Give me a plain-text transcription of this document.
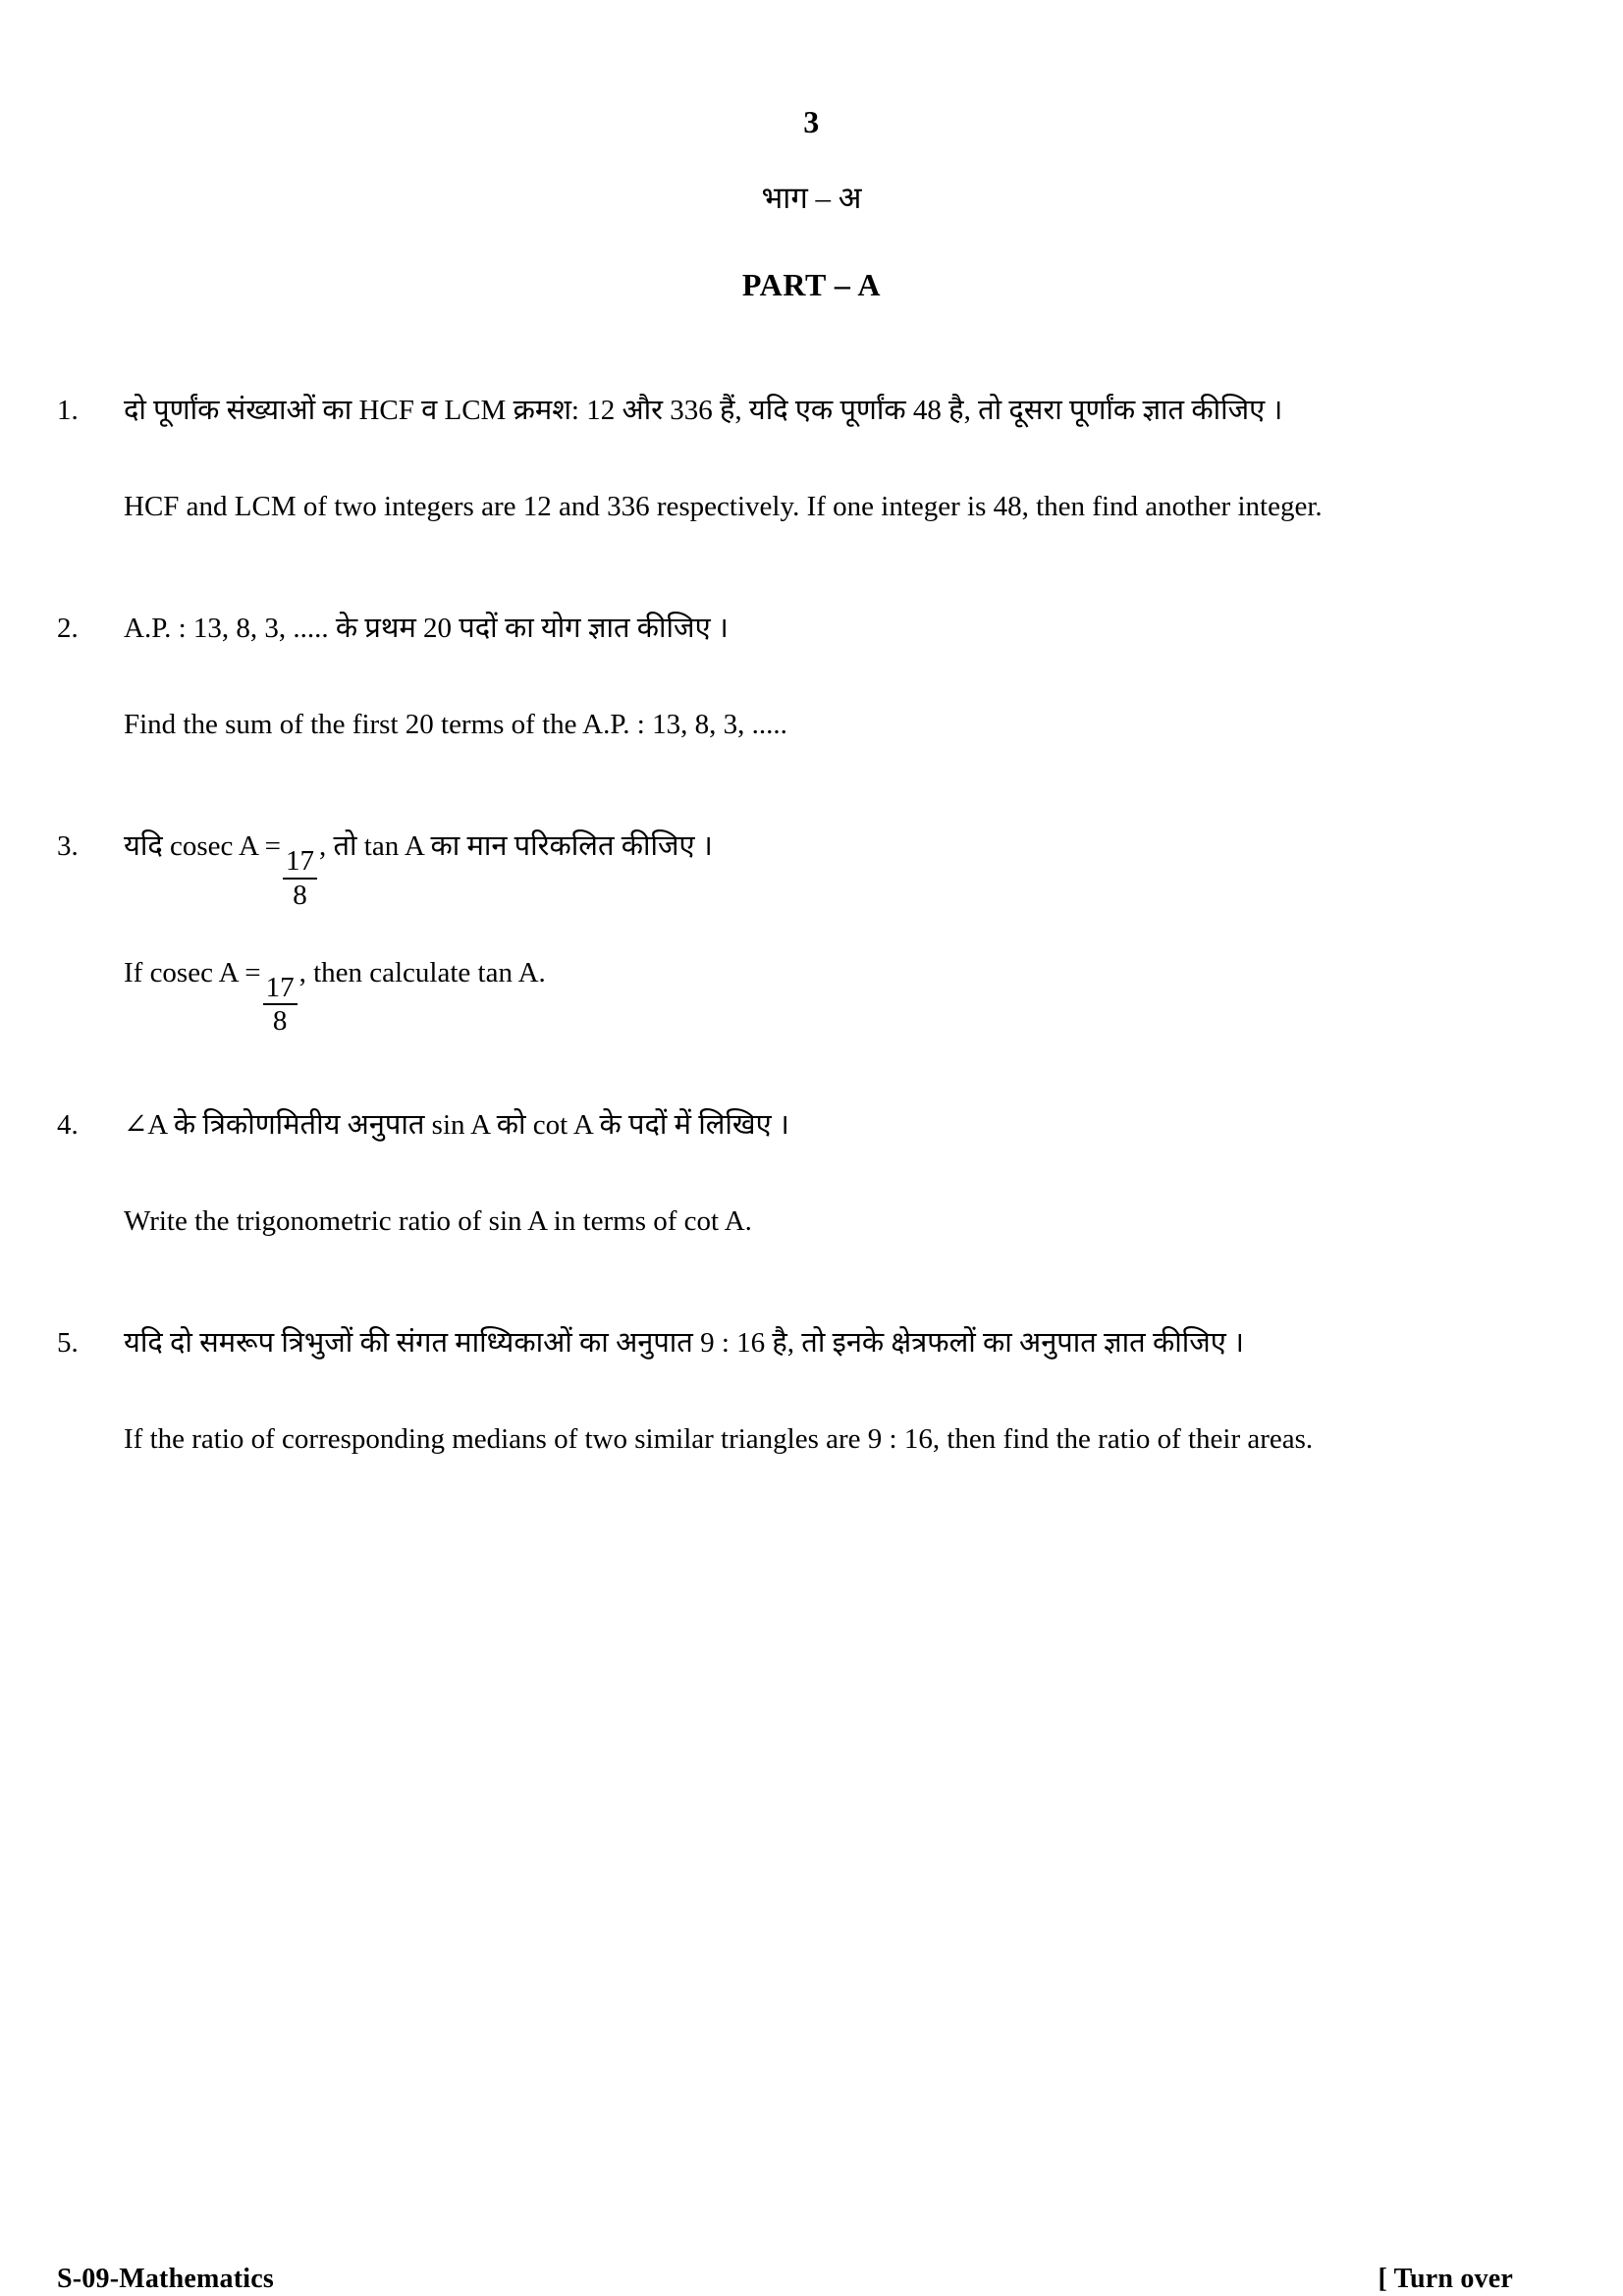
3
भाग – अ
PART – A
1.	दो पूर्णांक संख्याओं का HCF व LCM क्रमश: 12 और 336 हैं, यदि एक पूर्णांक 48 है, तो दूसरा पूर्णांक ज्ञात कीजिए ।
HCF and LCM of two integers are 12 and 336 respectively. If one integer is 48, then find another integer.
2.	A.P. : 13, 8, 3, ..... के प्रथम 20 पदों का योग ज्ञात कीजिए ।
Find the sum of the first 20 terms of the A.P. : 13, 8, 3, .....
3.	यदि cosec A =
$\frac{17}{8}$
, तो tan A का मान परिकलित कीजिए ।
If cosec A =
$\frac{17}{8}$
, then calculate tan A.
4.	∠A के त्रिकोणमितीय अनुपात sin A को cot A के पदों में लिखिए ।
Write the trigonometric ratio of sin A in terms of cot A.
5.	यदि दो समरूप त्रिभुजों की संगत माध्यिकाओं का अनुपात 9 : 16 है, तो इनके क्षेत्रफलों का अनुपात ज्ञात कीजिए ।
If the ratio of corresponding medians of two similar triangles are 9 : 16, then find the ratio of their areas.
S-09-Mathematics	[ Turn over
